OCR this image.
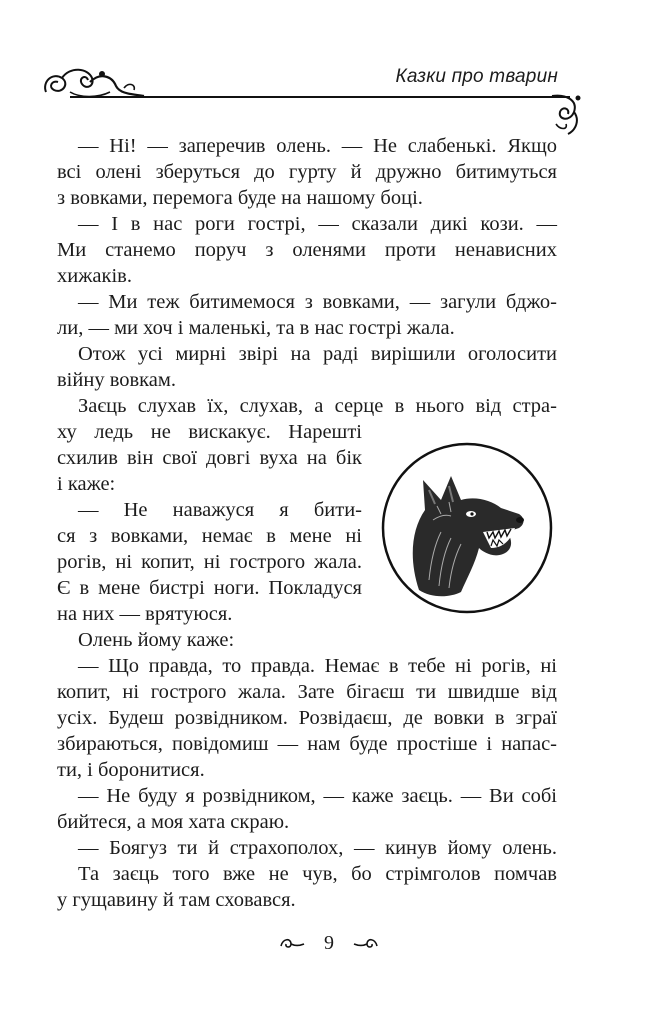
Казки про тварин
— Ні! — заперечив олень. — Не слабенькі. Якщо
всі олені зберуться до гурту й дружно битимуться
з вовками, перемога буде на нашому боці.
— І в нас роги гострі, — сказали дикі кози. —
Ми станемо поруч з оленями проти ненависних
хижаків.
— Ми теж битимемося з вовками, — загули бджо-
ли, — ми хоч і маленькі, та в нас гострі жала.
Отож усі мирні звірі на раді вирішили оголосити
війну вовкам.
Заєць слухав їх, слухав, а серце в нього від стра-
ху ледь не вискакує. Нарешті
схилив він свої довгі вуха на бік
і каже:
— Не наважуся я бити-
ся з вовками, немає в мене ні
рогів, ні копит, ні гострого жала.
Є в мене бистрі ноги. Покладуся
на них — врятуюся.
Олень йому каже:
— Що правда, то правда. Немає в тебе ні рогів, ні
копит, ні гострого жала. Зате бігаєш ти швидше від
усіх. Будеш розвідником. Розвідаєш, де вовки в зграї
збираються, повідомиш — нам буде простіше і напас-
ти, і боронитися.
— Не буду я розвідником, — каже заєць. — Ви собі
бийтеся, а моя хата скраю.
— Боягуз ти й страхополох, — кинув йому олень.
Та заєць того вже не чув, бо стрімголов помчав
у гущавину й там сховався.
9
